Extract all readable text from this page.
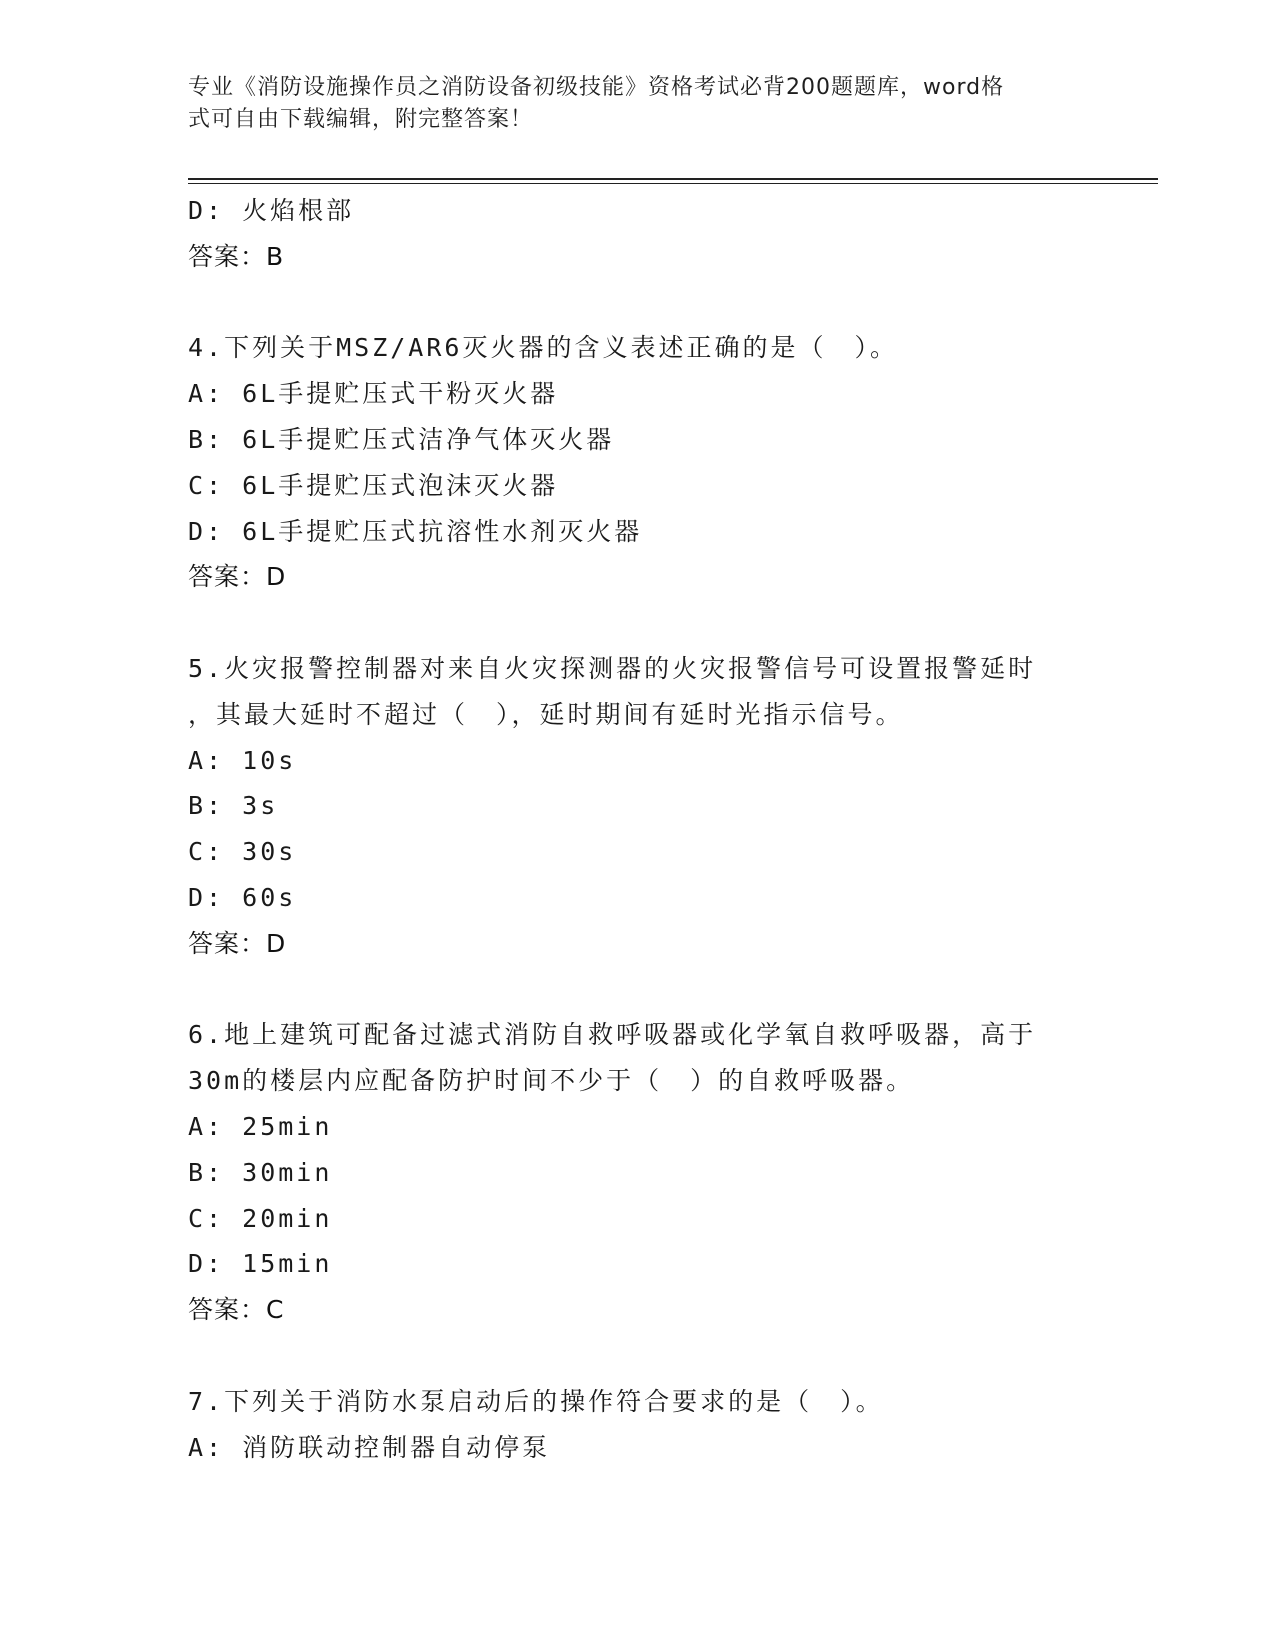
专业《消防设施操作员之消防设备初级技能》资格考试必背200题题库，word格
式可自由下载编辑，附完整答案！
D: 火焰根部
答案：B
4.下列关于MSZ/AR6灭火器的含义表述正确的是（　）。
A: 6L手提贮压式干粉灭火器
B: 6L手提贮压式洁净气体灭火器
C: 6L手提贮压式泡沫灭火器
D: 6L手提贮压式抗溶性水剂灭火器
答案：D
5.火灾报警控制器对来自火灾探测器的火灾报警信号可设置报警延时
，其最大延时不超过（　），延时期间有延时光指示信号。
A: 10s
B: 3s
C: 30s
D: 60s
答案：D
6.地上建筑可配备过滤式消防自救呼吸器或化学氧自救呼吸器，高于
30m的楼层内应配备防护时间不少于（　）的自救呼吸器。
A: 25min
B: 30min
C: 20min
D: 15min
答案：C
7.下列关于消防水泵启动后的操作符合要求的是（　）。
A: 消防联动控制器自动停泵
